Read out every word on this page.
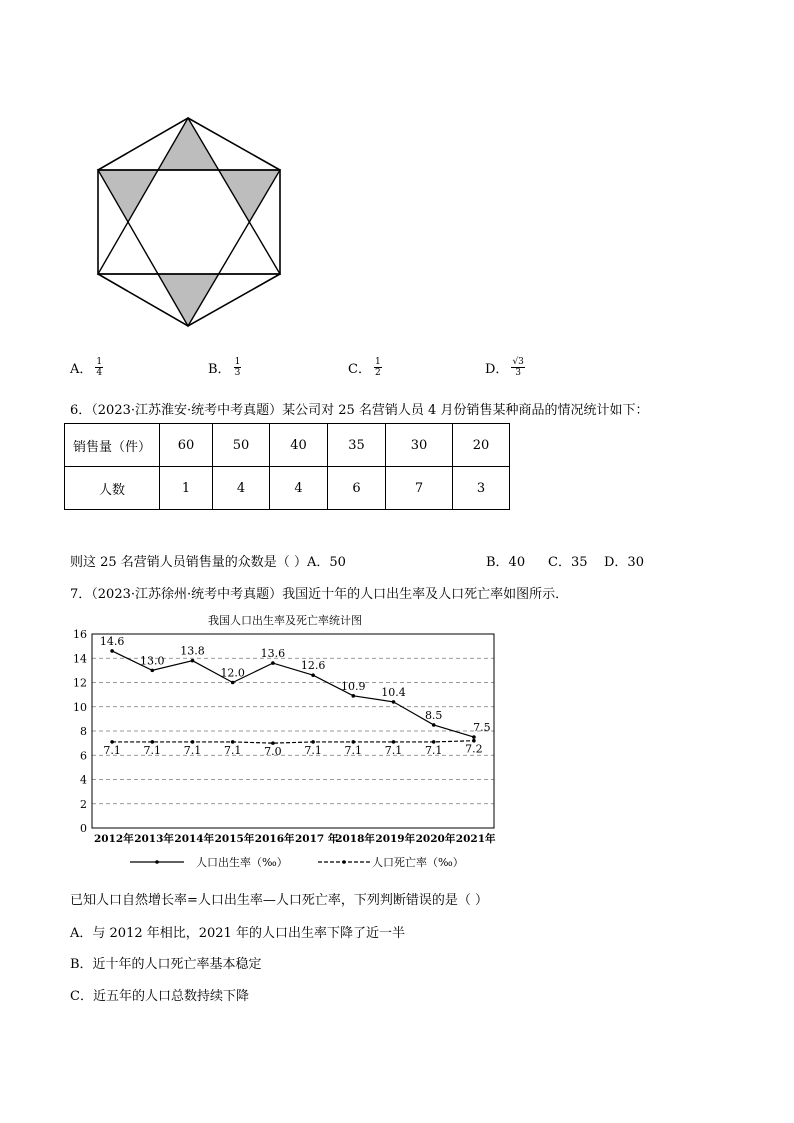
A． $\frac{1}{4}$	B． $\frac{1}{3}$	C． $\frac{1}{2}$	D． $\frac{√3}{3}$
6．（2023·江苏淮安·统考中考真题）某公司对 25 名营销人员 4 月份销售某种商品的情况统计如下：
销售量（件）	60	50	40	35	30	20
人数	1	4	4	6	7	3
则这 25 名营销人员销售量的众数是（ ）A．50	B．40 C．35 D．30
7．（2023·江苏徐州·统考中考真题）我国近十年的人口出生率及人口死亡率如图所示．
我国人口出生率及死亡率统计图
0
2
4
6
8
10
12
14
16
2012年 2013年 2014年 2015年 2016年 2017 年
2018年 2019年 2020年 2021年
14.6
13.0
13.8
12.0
13.6
12.6
10.9 10.4
8.5
7.5
7.1 7.1 7.1 7.1 7.0 7.1 7.1 7.1 7.1 7.2
人口出生率（‰）	人口死亡率（‰）
已知人口自然增长率=人口出生率—人口死亡率，下列判断错误的是（ ）
A．与 2012 年相比，2021 年的人口出生率下降了近一半
B．近十年的人口死亡率基本稳定
C．近五年的人口总数持续下降
